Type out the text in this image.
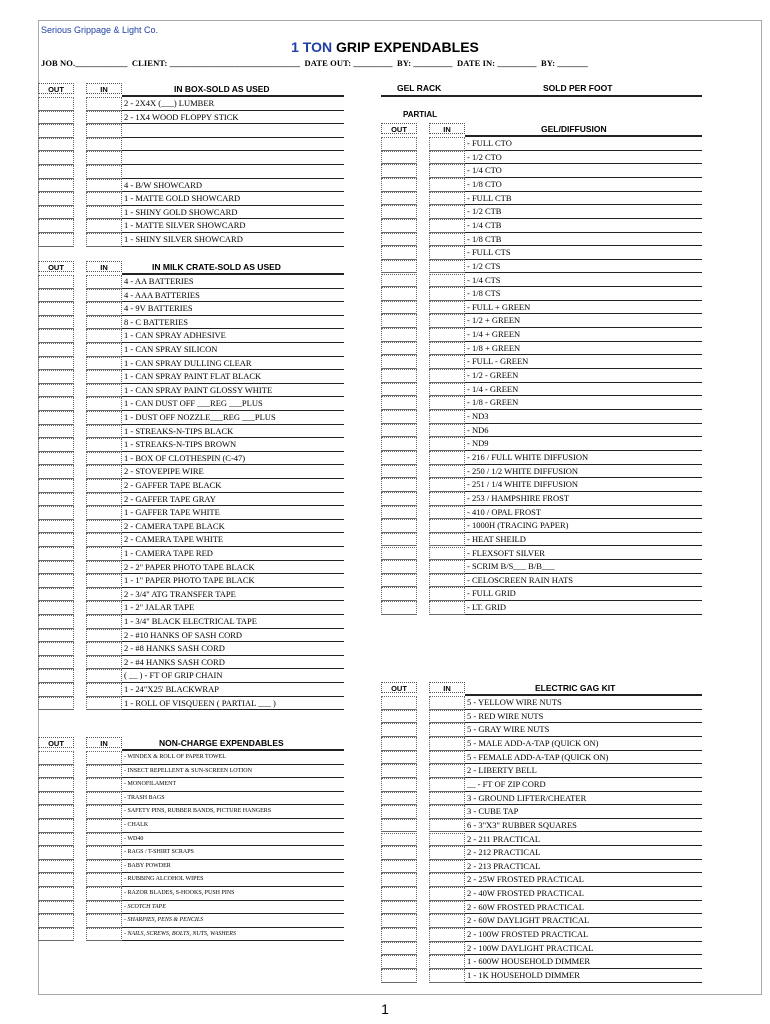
Serious Grippage & Light Co.
1 TON GRIP EXPENDABLES
JOB NO.____________  CLIENT: ______________________________  DATE OUT: _________  BY: _________  DATE IN: _________  BY: _______
OUT	IN	IN BOX-SOLD AS USED
2 - 2X4X (___) LUMBER
2 - 1X4 WOOD FLOPPY STICK
4 - B/W SHOWCARD
1 - MATTE GOLD SHOWCARD
1 - SHINY GOLD SHOWCARD
1 - MATTE SILVER SHOWCARD
1 - SHINY SILVER SHOWCARD
OUT	IN	IN MILK CRATE-SOLD AS USED
4 - AA BATTERIES
4 - AAA BATTERIES
4 - 9V BATTERIES
8 - C BATTERIES
1 - CAN SPRAY ADHESIVE
1 - CAN SPRAY SILICON
1 - CAN SPRAY DULLING CLEAR
1 - CAN SPRAY PAINT FLAT BLACK
1 - CAN SPRAY PAINT GLOSSY WHITE
1 - CAN DUST OFF ___REG ___PLUS
1 - DUST OFF NOZZLE___REG ___PLUS
1 - STREAKS-N-TIPS BLACK
1 - STREAKS-N-TIPS BROWN
1 - BOX OF CLOTHESPIN (C-47)
2 - STOVEPIPE WIRE
2 - GAFFER TAPE BLACK
2 - GAFFER TAPE GRAY
1 - GAFFER TAPE WHITE
2 - CAMERA TAPE BLACK
2 - CAMERA TAPE WHITE
1 - CAMERA TAPE RED
2 - 2" PAPER PHOTO TAPE BLACK
1 - 1" PAPER PHOTO TAPE BLACK
2 - 3/4" ATG TRANSFER TAPE
1 - 2" JALAR TAPE
1 - 3/4" BLACK ELECTRICAL TAPE
2 - #10 HANKS OF SASH CORD
2 - #8 HANKS SASH CORD
2 - #4 HANKS SASH CORD
( __ ) - FT OF GRIP CHAIN
1 - 24"X25' BLACKWRAP
1 - ROLL OF VISQUEEN ( PARTIAL ___ )
OUT	IN	NON-CHARGE EXPENDABLES
- WINDEX & ROLL OF PAPER TOWEL
- INSECT REPELLENT & SUN-SCREEN LOTION
- MONOFILAMENT
- TRASH BAGS
- SAFETY PINS, RUBBER BANDS, PICTURE HANGERS
- CHALK
- WD40
- RAGS / T-SHIRT SCRAPS
- BABY POWDER
- RUBBING ALCOHOL WIPES
- RAZOR BLADES, S-HOOKS, PUSH PINS
- SCOTCH TAPE
- SHARPIES, PENS & PENCILS
- NAILS, SCREWS, BOLTS, NUTS, WASHERS
GEL RACK	SOLD PER FOOT
PARTIAL
OUT	IN	GEL/DIFFUSION
- FULL CTO
- 1/2 CTO
- 1/4 CTO
- 1/8 CTO
- FULL CTB
- 1/2 CTB
- 1/4 CTB
- 1/8 CTB
- FULL CTS
- 1/2 CTS
- 1/4 CTS
- 1/8 CTS
- FULL + GREEN
- 1/2 + GREEN
- 1/4 + GREEN
- 1/8 + GREEN
- FULL - GREEN
- 1/2 - GREEN
- 1/4 - GREEN
- 1/8 - GREEN
- ND3
- ND6
- ND9
- 216 / FULL WHITE DIFFUSION
- 250 / 1/2 WHITE DIFFUSION
- 251 / 1/4 WHITE DIFFUSION
- 253 / HAMPSHIRE FROST
- 410 / OPAL FROST
- 1000H (TRACING PAPER)
- HEAT SHEILD
- FLEXSOFT SILVER
- SCRIM B/S___ B/B___
- CELOSCREEN RAIN HATS
- FULL GRID
- LT. GRID
OUT	IN	ELECTRIC GAG KIT
5 - YELLOW WIRE NUTS
5 - RED WIRE NUTS
5 - GRAY WIRE NUTS
5 - MALE ADD-A-TAP (QUICK ON)
5 - FEMALE ADD-A-TAP (QUICK ON)
2 - LIBERTY BELL
__ - FT OF ZIP CORD
3 - GROUND LIFTER/CHEATER
3 - CUBE TAP
6 - 3"X3" RUBBER SQUARES
2 - 211 PRACTICAL
2 - 212 PRACTICAL
2 - 213 PRACTICAL
2 - 25W FROSTED PRACTICAL
2 - 40W FROSTED PRACTICAL
2 - 60W FROSTED PRACTICAL
2 - 60W DAYLIGHT PRACTICAL
2 - 100W FROSTED PRACTICAL
2 - 100W DAYLIGHT PRACTICAL
1 - 600W HOUSEHOLD DIMMER
1 - 1K HOUSEHOLD DIMMER
1
